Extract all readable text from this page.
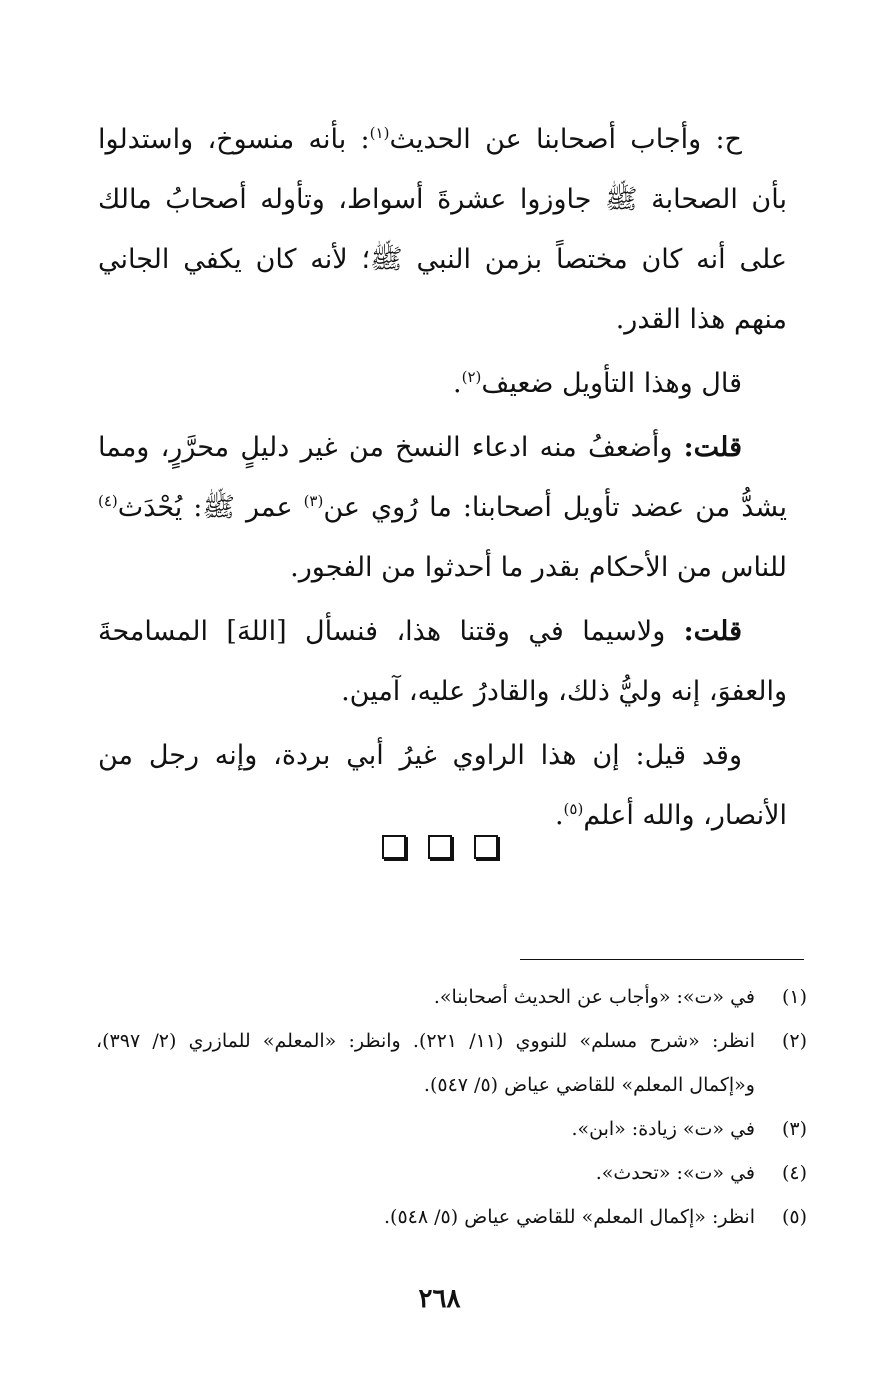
ح: وأجاب أصحابنا عن الحديث$^{(١)}$: بأنه منسوخ، واستدلوا بأن الصحابة ﷺ جاوزوا عشرةَ أسواط، وتأوله أصحابُ مالك على أنه كان مختصاً بزمن النبي ﷺ؛ لأنه كان يكفي الجاني منهم هذا القدر.

قال وهذا التأويل ضعيف$^{(٢)}$.

قلت: وأضعفُ منه ادعاء النسخ من غير دليلٍ محرَّرٍ، ومما يشدُّ من عضد تأويل أصحابنا: ما رُوي عن$^{(٣)}$ عمر ﷺ: يُحْدَث$^{(٤)}$ للناس من الأحكام بقدر ما أحدثوا من الفجور.

قلت: ولاسيما في وقتنا هذا، فنسأل [اللهَ] المسامحةَ والعفوَ، إنه وليُّ ذلك، والقادرُ عليه، آمين.

وقد قيل: إن هذا الراوي غيرُ أبي بردة، وإنه رجل من الأنصار، والله أعلم$^{(٥)}$.

(١)
في «ت»: «وأجاب عن الحديث أصحابنا».
(٢)
انظر: «شرح مسلم» للنووي (١١/ ٢٢١). وانظر: «المعلم» للمازري (٢/ ٣٩٧)، و«إكمال المعلم» للقاضي عياض (٥/ ٥٤٧).
(٣)
في «ت» زيادة: «ابن».
(٤)
في «ت»: «تحدث».
(٥)
انظر: «إكمال المعلم» للقاضي عياض (٥/ ٥٤٨).
٢٦٨
